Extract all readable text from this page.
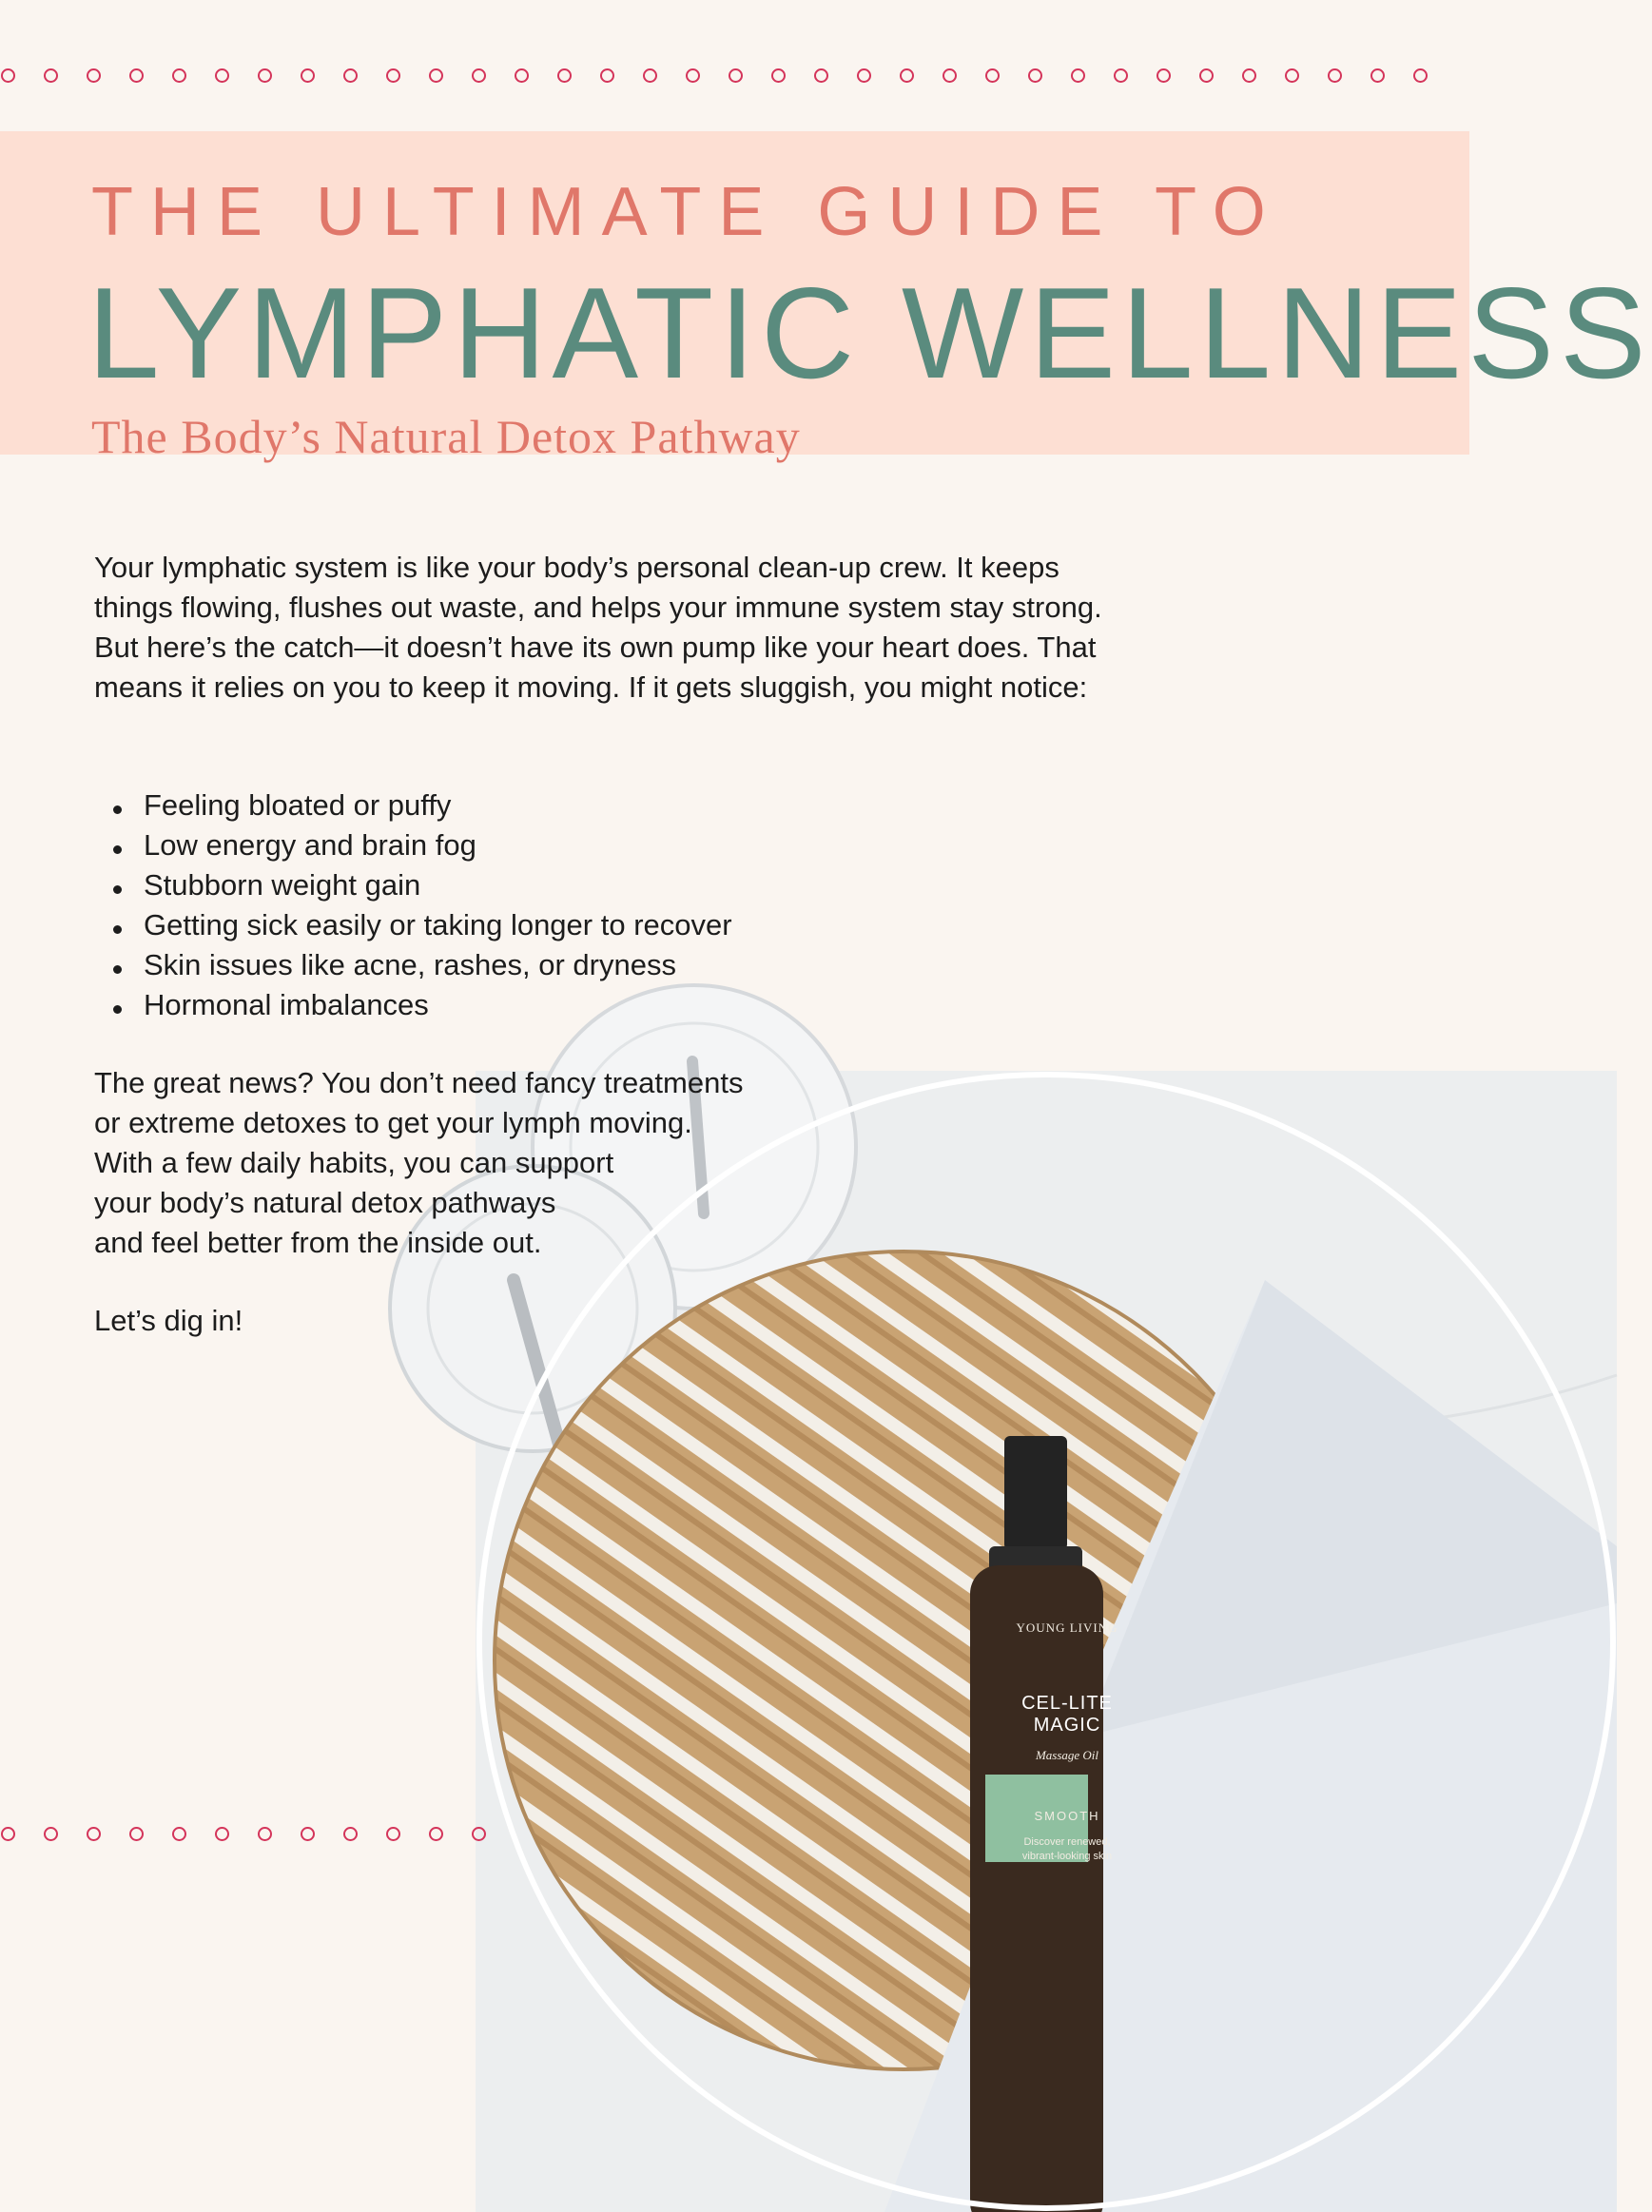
THE ULTIMATE GUIDE TO
LYMPHATIC WELLNESS
The Body’s Natural Detox Pathway

Your lymphatic system is like your body’s personal clean-up crew. It keeps things flowing, flushes out waste, and helps your immune system stay strong. But here’s the catch—it doesn’t have its own pump like your heart does. That means it relies on you to keep it moving. If it gets sluggish, you might notice:

Feeling bloated or puffy
Low energy and brain fog
Stubborn weight gain
Getting sick easily or taking longer to recover
Skin issues like acne, rashes, or dryness
Hormonal imbalances
YOUNG LIVING
CEL-LITE MAGIC
Massage Oil
SMOOTH
Discover renewed,
vibrant-looking skin
The great news? You don’t need fancy treatments
or extreme detoxes to get your lymph moving.
With a few daily habits, you can support
your body’s natural detox pathways
and feel better from the inside out.

Let’s dig in!
